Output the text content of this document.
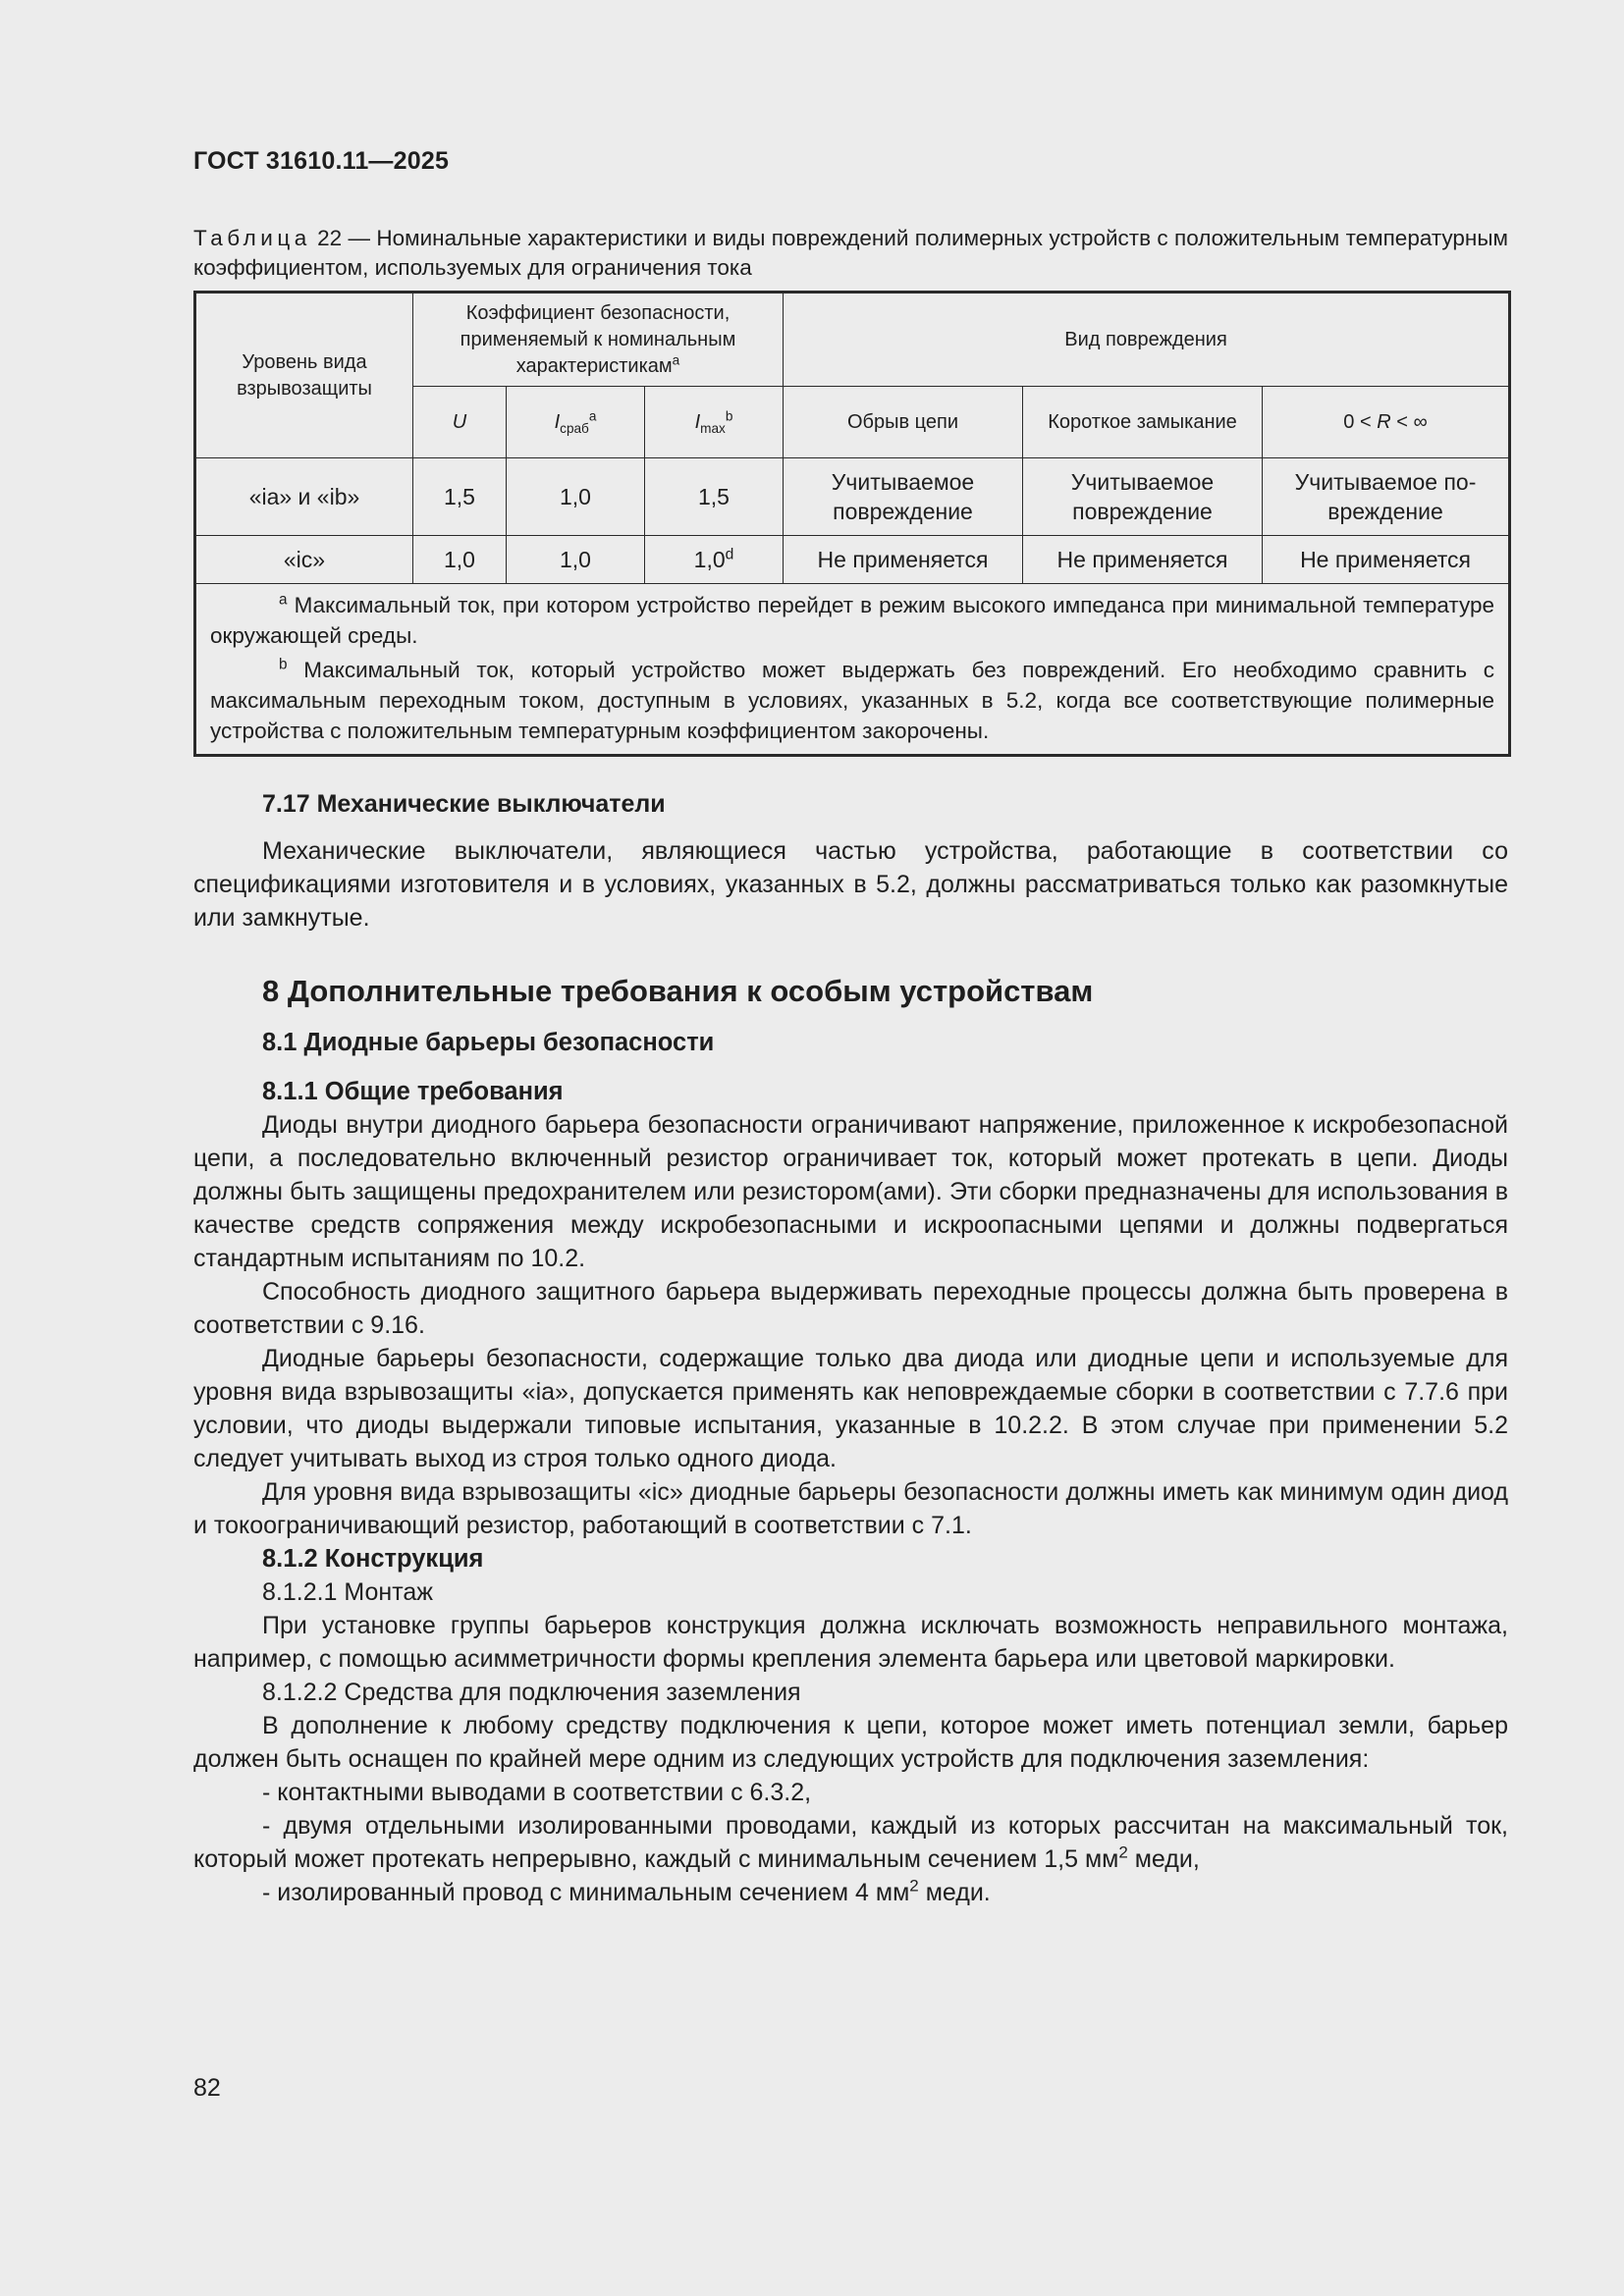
ГОСТ 31610.11—2025

Таблица 22 — Номинальные характеристики и виды повреждений полимерных устройств с положительным температурным коэффициентом, используемых для ограничения тока

Уровень вида взрывозащиты	Коэффициент безопасности, применяемый к номинальным характеристикам$^a$			Вид повреждения		
	U	$I_{сраб}^a$	$I_{max}^b$	Обрыв цепи	Короткое замыкание	0 < R < ∞
«ia» и «ib»	1,5	1,0	1,5	Учитываемое повреждение	Учитываемое повреждение	Учитываемое по-вреждение
«ic»	1,0	1,0	1,0$^d$	Не применяется	Не применяется	Не применяется

$^a$ Максимальный ток, при котором устройство перейдет в режим высокого импеданса при минимальной температуре окружающей среды.

$^b$ Максимальный ток, который устройство может выдержать без повреждений. Его необходимо сравнить с максимальным переходным током, доступным в условиях, указанных в 5.2, когда все соответствующие полимерные устройства с положительным температурным коэффициентом закорочены.						

7.17 Механические выключатели

Механические выключатели, являющиеся частью устройства, работающие в соответствии со спецификациями изготовителя и в условиях, указанных в 5.2, должны рассматриваться только как разомкнутые или замкнутые.

8 Дополнительные требования к особым устройствам

8.1 Диодные барьеры безопасности

8.1.1 Общие требования

Диоды внутри диодного барьера безопасности ограничивают напряжение, приложенное к искробезопасной цепи, а последовательно включенный резистор ограничивает ток, который может протекать в цепи. Диоды должны быть защищены предохранителем или резистором(ами). Эти сборки предназначены для использования в качестве средств сопряжения между искробезопасными и искроопасными цепями и должны подвергаться стандартным испытаниям по 10.2.

Способность диодного защитного барьера выдерживать переходные процессы должна быть проверена в соответствии с 9.16.

Диодные барьеры безопасности, содержащие только два диода или диодные цепи и используемые для уровня вида взрывозащиты «ia», допускается применять как неповреждаемые сборки в соответствии с 7.7.6 при условии, что диоды выдержали типовые испытания, указанные в 10.2.2. В этом случае при применении 5.2 следует учитывать выход из строя только одного диода.

Для уровня вида взрывозащиты «ic» диодные барьеры безопасности должны иметь как минимум один диод и токоограничивающий резистор, работающий в соответствии с 7.1.

8.1.2 Конструкция

8.1.2.1 Монтаж

При установке группы барьеров конструкция должна исключать возможность неправильного монтажа, например, с помощью асимметричности формы крепления элемента барьера или цветовой маркировки.

8.1.2.2 Средства для подключения заземления

В дополнение к любому средству подключения к цепи, которое может иметь потенциал земли, барьер должен быть оснащен по крайней мере одним из следующих устройств для подключения заземления:

- контактными выводами в соответствии с 6.3.2,

- двумя отдельными изолированными проводами, каждый из которых рассчитан на максимальный ток, который может протекать непрерывно, каждый с минимальным сечением 1,5 $мм^2$ меди,

- изолированный провод с минимальным сечением 4 $мм^2$ меди.

82
